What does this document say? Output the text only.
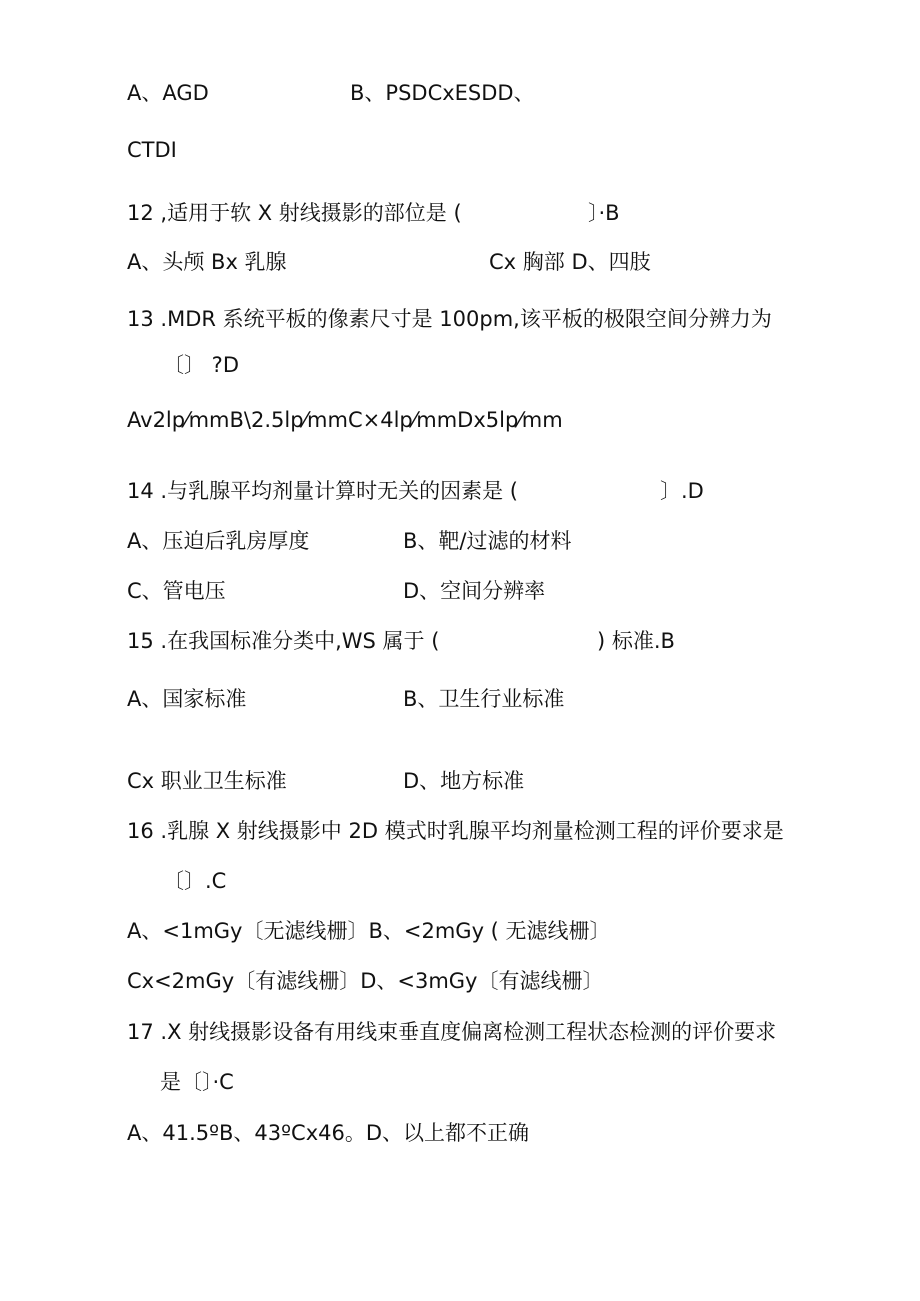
A、AGD	B、PSDCxESDD、
CTDI
12 ,适用于软 X 射线摄影的部位是 (	〕·B
A、头颅 Bx 乳腺	Cx 胸部 D、四肢
13 .MDR 系统平板的像素尺寸是 100pm,该平板的极限空间分辨力为
〔〕 ?D
Av2lp⁄mmB\2.5lp⁄mmC×4lp⁄mmDx5lp⁄mm
14 .与乳腺平均剂量计算时无关的因素是 (	〕.D
A、压迫后乳房厚度	B、靶/过滤的材料
C、管电压	D、空间分辨率
15 .在我国标准分类中,WS 属于 (	) 标准.B
A、国家标准	B、卫生行业标准
Cx 职业卫生标准	D、地方标准
16 .乳腺 X 射线摄影中 2D 模式时乳腺平均剂量检测工程的评价要求是
〔〕.C
A、<1mGy〔无滤线栅〕B、<2mGy ( 无滤线栅〕
Cx<2mGy〔有滤线栅〕D、<3mGy〔有滤线栅〕
17 .X 射线摄影设备有用线束垂直度偏离检测工程状态检测的评价要求
是〔〕·C
A、41.5ºB、43ºCx46。D、以上都不正确
